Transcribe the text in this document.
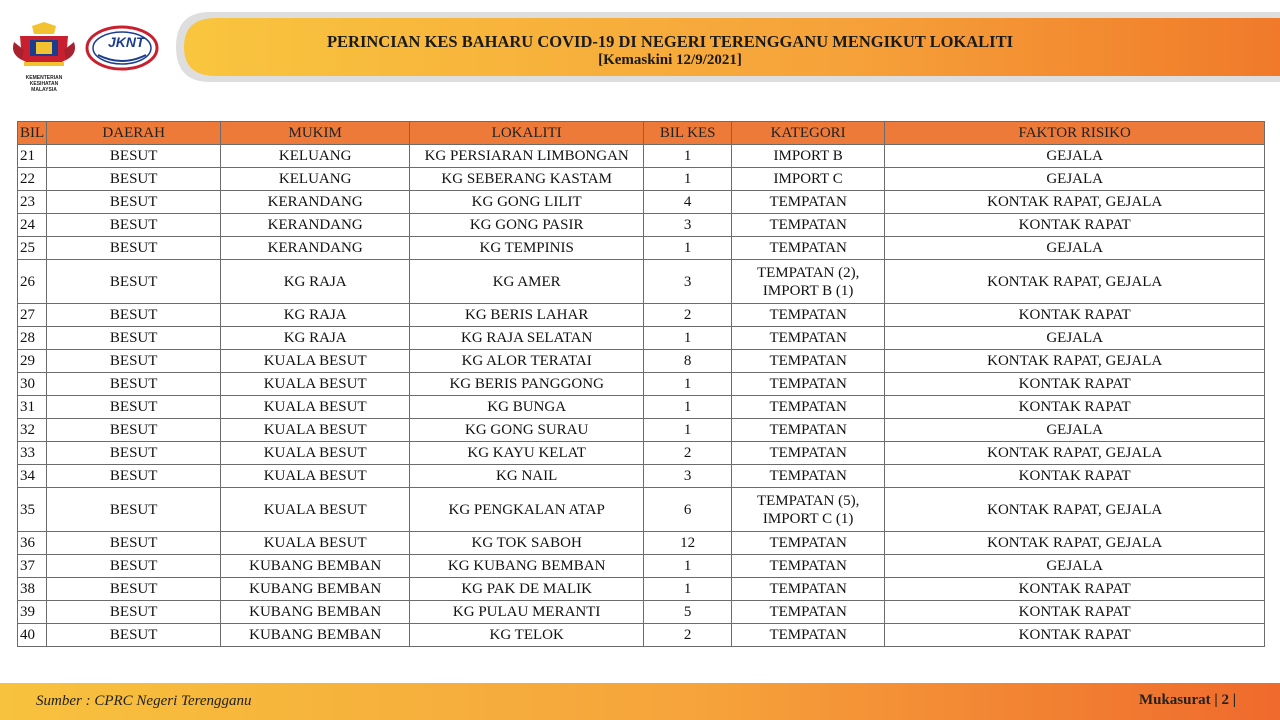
PERINCIAN KES BAHARU COVID-19 DI NEGERI TERENGGANU MENGIKUT LOKALITI
[Kemaskini 12/9/2021]
KEMENTERIAN KESIHATAN MALAYSIA
JKNT
BIL	DAERAH	MUKIM	LOKALITI	BIL KES	KATEGORI	FAKTOR RISIKO
21	BESUT	KELUANG	KG PERSIARAN LIMBONGAN	1	IMPORT B	GEJALA
22	BESUT	KELUANG	KG SEBERANG KASTAM	1	IMPORT C	GEJALA
23	BESUT	KERANDANG	KG GONG LILIT	4	TEMPATAN	KONTAK RAPAT, GEJALA
24	BESUT	KERANDANG	KG GONG PASIR	3	TEMPATAN	KONTAK RAPAT
25	BESUT	KERANDANG	KG TEMPINIS	1	TEMPATAN	GEJALA
26	BESUT	KG RAJA	KG AMER	3	TEMPATAN (2),
IMPORT B (1)	KONTAK RAPAT, GEJALA
27	BESUT	KG RAJA	KG BERIS LAHAR	2	TEMPATAN	KONTAK RAPAT
28	BESUT	KG RAJA	KG RAJA SELATAN	1	TEMPATAN	GEJALA
29	BESUT	KUALA BESUT	KG ALOR TERATAI	8	TEMPATAN	KONTAK RAPAT, GEJALA
30	BESUT	KUALA BESUT	KG BERIS PANGGONG	1	TEMPATAN	KONTAK RAPAT
31	BESUT	KUALA BESUT	KG BUNGA	1	TEMPATAN	KONTAK RAPAT
32	BESUT	KUALA BESUT	KG GONG SURAU	1	TEMPATAN	GEJALA
33	BESUT	KUALA BESUT	KG KAYU KELAT	2	TEMPATAN	KONTAK RAPAT, GEJALA
34	BESUT	KUALA BESUT	KG NAIL	3	TEMPATAN	KONTAK RAPAT
35	BESUT	KUALA BESUT	KG PENGKALAN ATAP	6	TEMPATAN (5),
IMPORT C (1)	KONTAK RAPAT, GEJALA
36	BESUT	KUALA BESUT	KG TOK SABOH	12	TEMPATAN	KONTAK RAPAT, GEJALA
37	BESUT	KUBANG BEMBAN	KG KUBANG BEMBAN	1	TEMPATAN	GEJALA
38	BESUT	KUBANG BEMBAN	KG PAK DE MALIK	1	TEMPATAN	KONTAK RAPAT
39	BESUT	KUBANG BEMBAN	KG PULAU MERANTI	5	TEMPATAN	KONTAK RAPAT
40	BESUT	KUBANG BEMBAN	KG TELOK	2	TEMPATAN	KONTAK RAPAT
Sumber : CPRC Negeri Terengganu	Mukasurat | 2 |
